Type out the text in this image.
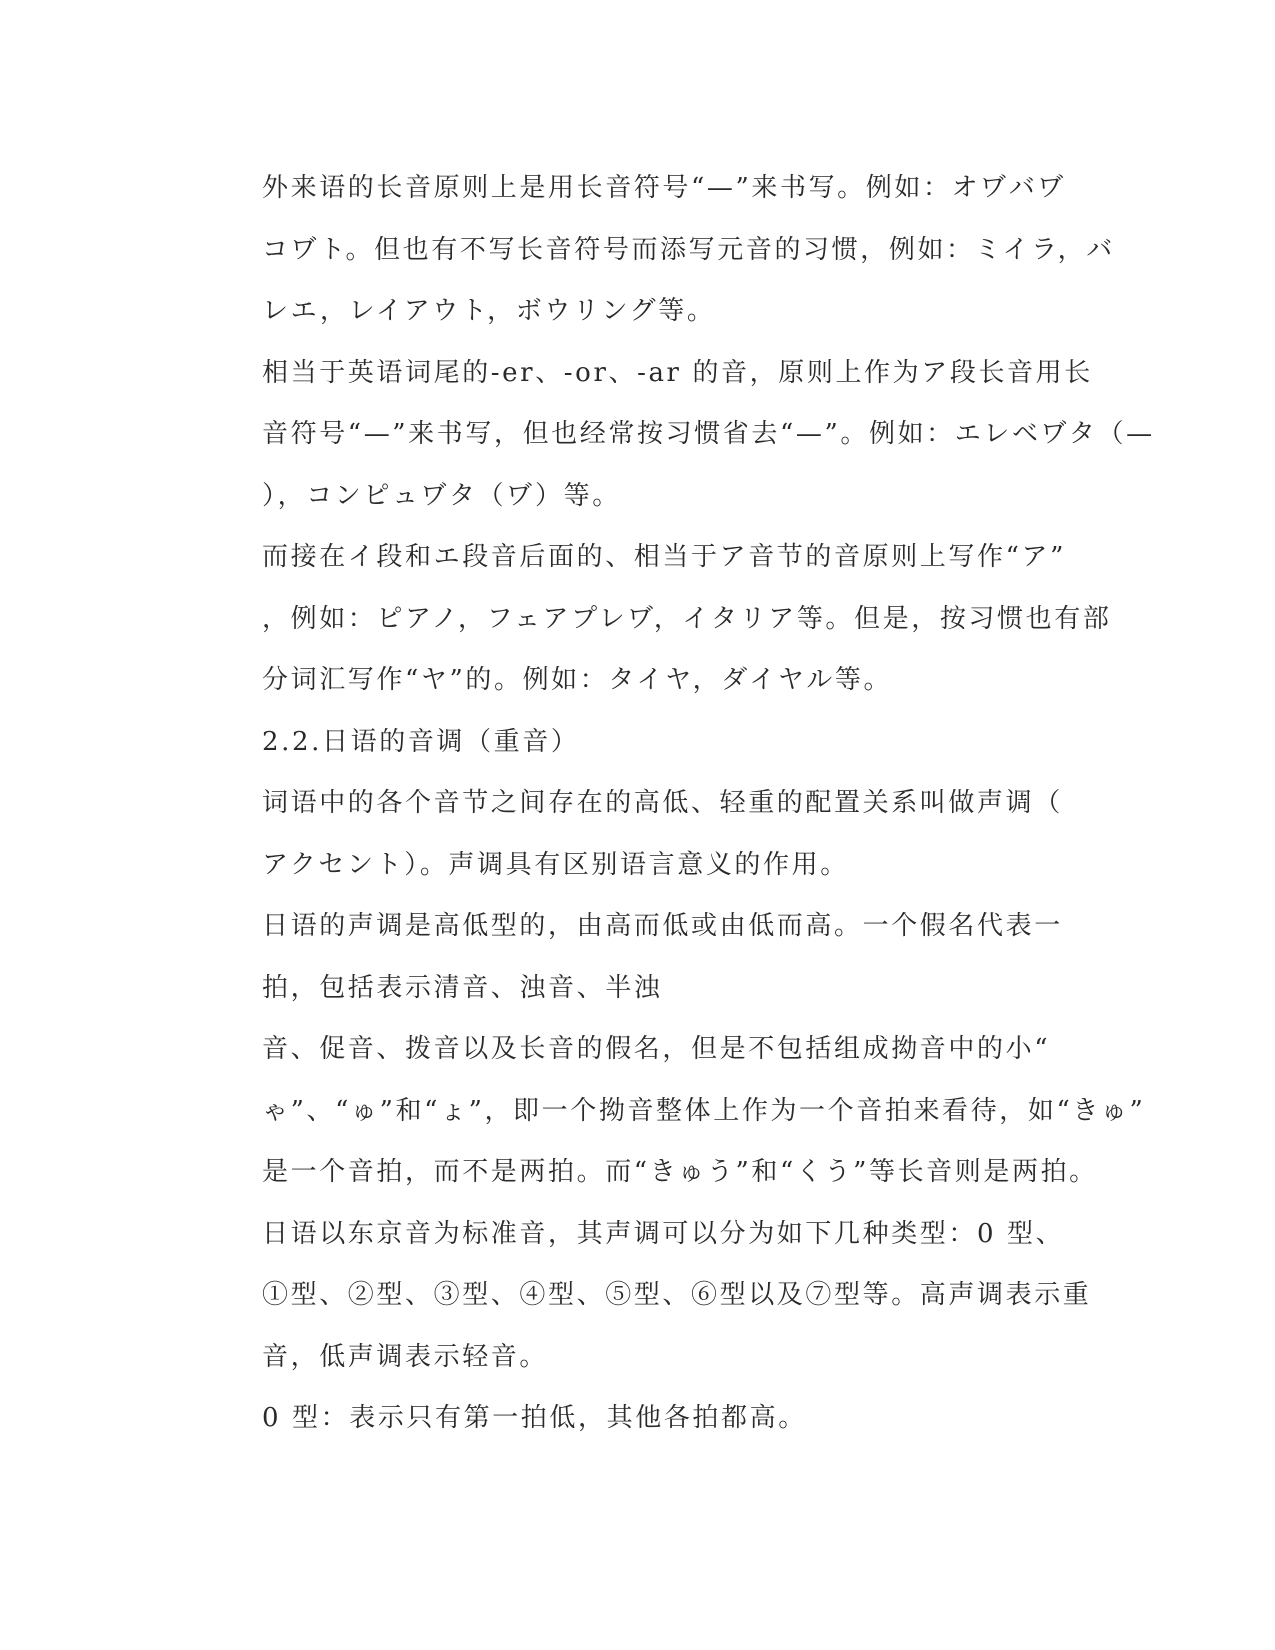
外来语的长音原则上是用长音符号“—”来书写。例如：オヷバヷ
コヷト。但也有不写长音符号而添写元音的习惯，例如：ミイラ，バ
レエ，レイアウト，ボウリング等。

相当于英语词尾的-er、-or、-ar 的音，原则上作为ア段长音用长
音符号“—”来书写，但也经常按习惯省去“—”。例如：エレベヷタ（—
），コンピュヷタ（ヷ）等。

而接在イ段和エ段音后面的、相当于ア音节的音原则上写作“ア”
，例如：ピアノ，フェアプレヷ，イタリア等。但是，按习惯也有部
分词汇写作“ヤ”的。例如：タイヤ，ダイヤル等。

2.2.日语的音调（重音）

词语中的各个音节之间存在的高低、轻重的配置关系叫做声调（
アクセント）。声调具有区别语言意义的作用。

日语的声调是高低型的，由高而低或由低而高。一个假名代表一
拍，包括表示清音、浊音、半浊

音、促音、拨音以及长音的假名，但是不包括组成拗音中的小“
ゃ”、“ゅ”和“ょ”，即一个拗音整体上作为一个音拍来看待，如“きゅ”
是一个音拍，而不是两拍。而“きゅう”和“くう”等长音则是两拍。

日语以东京音为标准音，其声调可以分为如下几种类型：0 型、
①型、②型、③型、④型、⑤型、⑥型以及⑦型等。高声调表示重
音，低声调表示轻音。

0 型：表示只有第一拍低，其他各拍都高。
